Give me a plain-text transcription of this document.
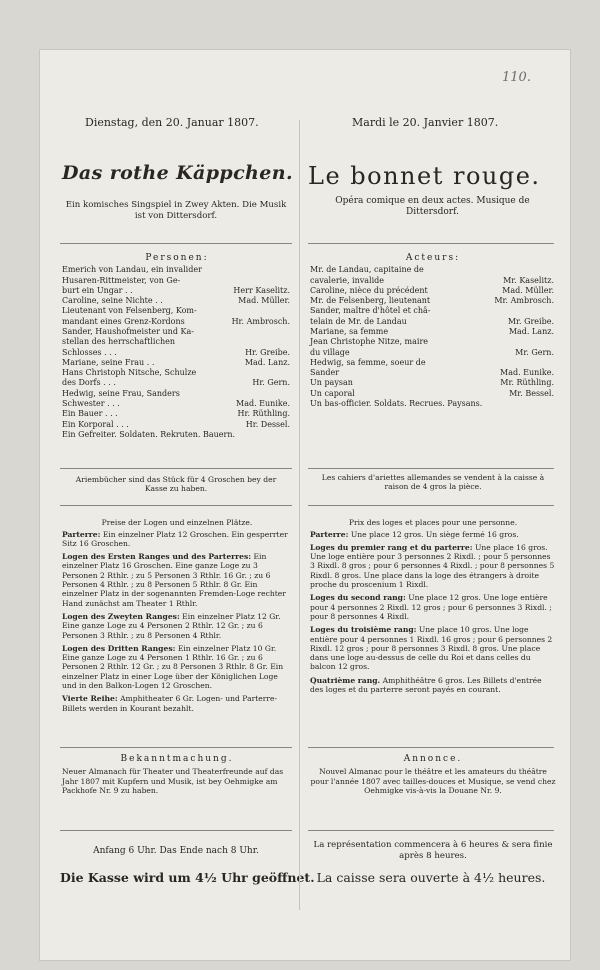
110.
Dienstag, den 20. Januar 1807.
Das rothe Käppchen.
Ein komisches Singspiel in Zwey Akten. Die Musik ist von Dittersdorf.
Personen:
Emerich von Landau, ein invalider
Husaren-Rittmeister, von Ge-
burt ein Ungar . .	Herr Kaselitz.
Caroline, seine Nichte . .	Mad. Müller.
Lieutenant von Felsenberg, Kom-
mandant eines Grenz-Kordons	Hr. Ambrosch.
Sander, Haushofmeister und Ka-
stellan des herrschaftlichen
Schlosses . . .	Hr. Greibe.
Mariane, seine Frau . .	Mad. Lanz.
Hans Christoph Nitsche, Schulze
des Dorfs . . .	Hr. Gern.
Hedwig, seine Frau, Sanders
Schwester . . .	Mad. Eunike.
Ein Bauer . . .	Hr. Rüthling.
Ein Korporal . . .	Hr. Dessel.
Ein Gefreiter. Soldaten. Rekruten. Bauern.
Ariembücher sind das Stück für 4 Groschen bey der Kasse zu haben.
Preise der Logen und einzelnen Plätze.
Parterre: Ein einzelner Platz 12 Groschen. Ein gesperrter Sitz 16 Groschen.
Logen des Ersten Ranges und des Parterres: Ein einzelner Platz 16 Groschen. Eine ganze Loge zu 3 Personen 2 Rthlr. ; zu 5 Personen 3 Rthlr. 16 Gr. ; zu 6 Personen 4 Rthlr. ; zu 8 Personen 5 Rthlr. 8 Gr. Ein einzelner Platz in der sogenannten Fremden-Loge rechter Hand zunächst am Theater 1 Rthlr.
Logen des Zweyten Ranges: Ein einzelner Platz 12 Gr. Eine ganze Loge zu 4 Personen 2 Rthlr. 12 Gr. ; zu 6 Personen 3 Rthlr. ; zu 8 Personen 4 Rthlr.
Logen des Dritten Ranges: Ein einzelner Platz 10 Gr. Eine ganze Loge zu 4 Personen 1 Rthlr. 16 Gr. ; zu 6 Personen 2 Rthlr. 12 Gr. ; zu 8 Personen 3 Rthlr. 8 Gr. Ein einzelner Platz in einer Loge über der Königlichen Loge und in den Balkon-Logen 12 Groschen.
Vierte Reihe: Amphitheater 6 Gr. Logen- und Parterre-Billets werden in Kourant bezahlt.
Bekanntmachung.
Neuer Almanach für Theater und Theaterfreunde auf das Jahr 1807 mit Kupfern und Musik, ist bey Oehmigke am Packhofe Nr. 9 zu haben.
Anfang 6 Uhr. Das Ende nach 8 Uhr.
Die Kasse wird um 4½ Uhr geöffnet.
Mardi le 20. Janvier 1807.
Le bonnet rouge.
Opéra comique en deux actes. Musique de Dittersdorf.
Acteurs:
Mr. de Landau, capitaine de
cavalerie, invalide	Mr. Kaselitz.
Caroline, nièce du précédent	Mad. Müller.
Mr. de Felsenberg, lieutenant	Mr. Ambrosch.
Sander, maître d'hôtel et châ-
telain de Mr. de Landau	Mr. Greibe.
Mariane, sa femme	Mad. Lanz.
Jean Christophe Nitze, maire
du village	Mr. Gern.
Hedwig, sa femme, soeur de
Sander	Mad. Eunike.
Un paysan	Mr. Rüthling.
Un caporal	Mr. Bessel.
Un bas-officier. Soldats. Recrues. Paysans.
Les cahiers d'ariettes allemandes se vendent à la caisse à raison de 4 gros la pièce.
Prix des loges et places pour une personne.
Parterre: Une place 12 gros. Un siège fermé 16 gros.
Loges du premier rang et du parterre: Une place 16 gros. Une loge entière pour 3 personnes 2 Rixdl. ; pour 5 personnes 3 Rixdl. 8 gros ; pour 6 personnes 4 Rixdl. ; pour 8 personnes 5 Rixdl. 8 gros. Une place dans la loge des étrangers à droite proche du proscenium 1 Rixdl.
Loges du second rang: Une place 12 gros. Une loge entière pour 4 personnes 2 Rixdl. 12 gros ; pour 6 personnes 3 Rixdl. ; pour 8 personnes 4 Rixdl.
Loges du troisième rang: Une place 10 gros. Une loge entière pour 4 personnes 1 Rixdl. 16 gros ; pour 6 personnes 2 Rixdl. 12 gros ; pour 8 personnes 3 Rixdl. 8 gros. Une place dans une loge au-dessus de celle du Roi et dans celles du balcon 12 gros.
Quatrième rang. Amphithéâtre 6 gros. Les Billets d'entrée des loges et du parterre seront payés en courant.
Annonce.
Nouvel Almanac pour le théâtre et les amateurs du théâtre pour l'année 1807 avec tailles-douces et Musique, se vend chez Oehmigke vis-à-vis la Douane Nr. 9.
La représentation commencera à 6 heures & sera finie après 8 heures.
La caisse sera ouverte à 4½ heures.
